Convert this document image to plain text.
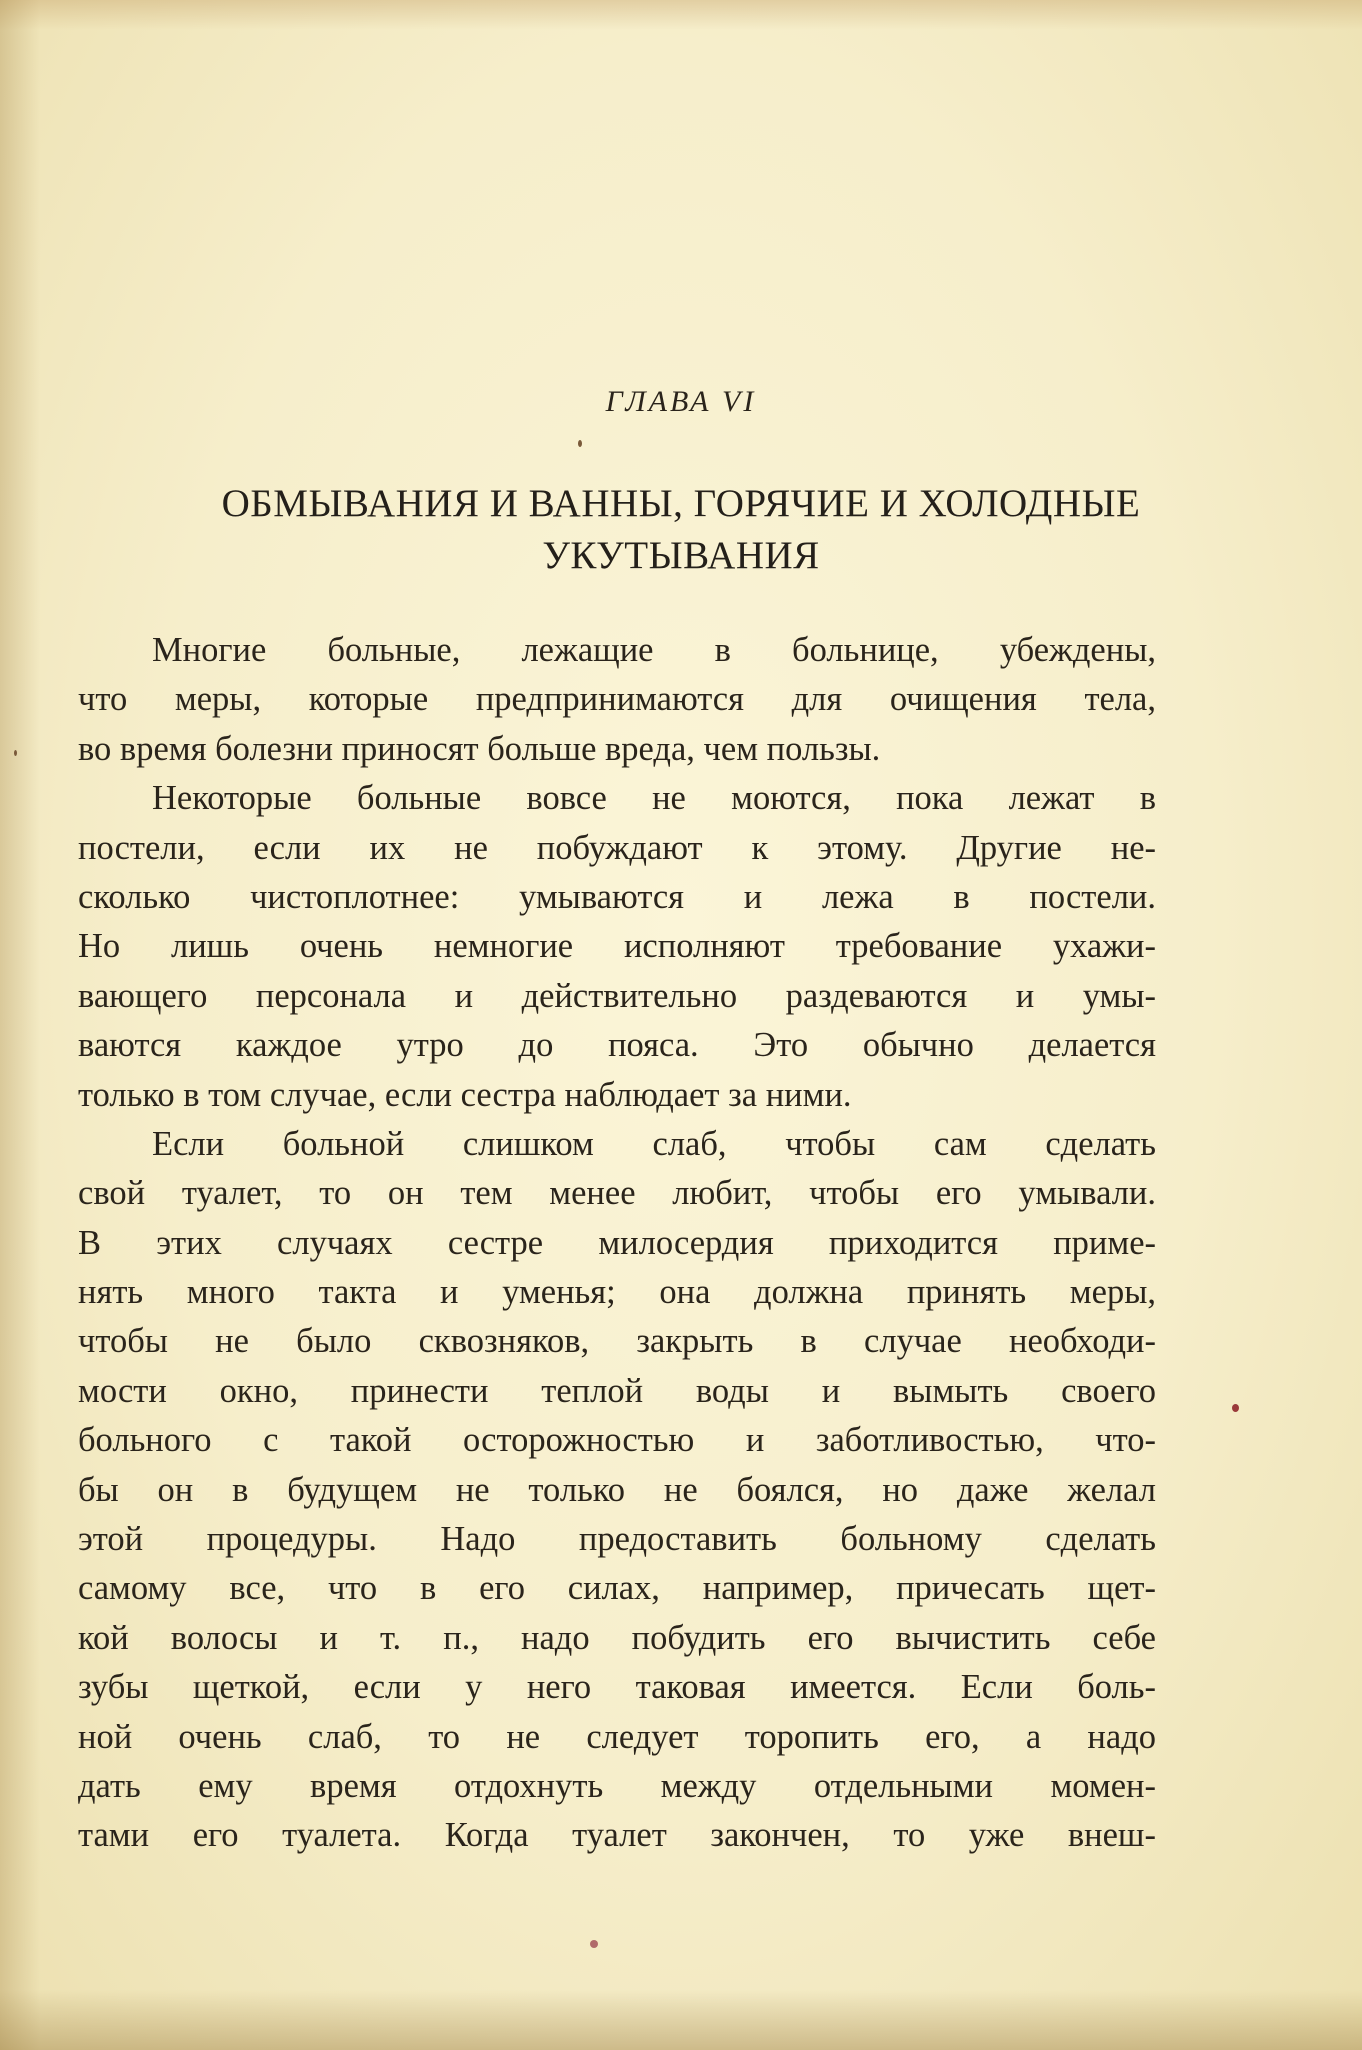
ГЛАВА VI
ОБМЫВАНИЯ И ВАННЫ, ГОРЯЧИЕ И ХОЛОДНЫЕ
УКУТЫВАНИЯ
Многие больные, лежащие в больнице, убеждены,
что меры, которые предпринимаются для очищения тела,
во время болезни приносят больше вреда, чем пользы.
Некоторые больные вовсе не моются, пока лежат в
постели, если их не побуждают к этому. Другие не-
сколько чистоплотнее: умываются и лежа в постели.
Но лишь очень немногие исполняют требование ухажи-
вающего персонала и действительно раздеваются и умы-
ваются каждое утро до пояса. Это обычно делается
только в том случае, если сестра наблюдает за ними.
Если больной слишком слаб, чтобы сам сделать
свой туалет, то он тем менее любит, чтобы его умывали.
В этих случаях сестре милосердия приходится приме-
нять много такта и уменья; она должна принять меры,
чтобы не было сквозняков, закрыть в случае необходи-
мости окно, принести теплой воды и вымыть своего
больного с такой осторожностью и заботливостью, что-
бы он в будущем не только не боялся, но даже желал
этой процедуры. Надо предоставить больному сделать
самому все, что в его силах, например, причесать щет-
кой волосы и т. п., надо побудить его вычистить себе
зубы щеткой, если у него таковая имеется. Если боль-
ной очень слаб, то не следует торопить его, а надо
дать ему время отдохнуть между отдельными момен-
тами его туалета. Когда туалет закончен, то уже внеш-
